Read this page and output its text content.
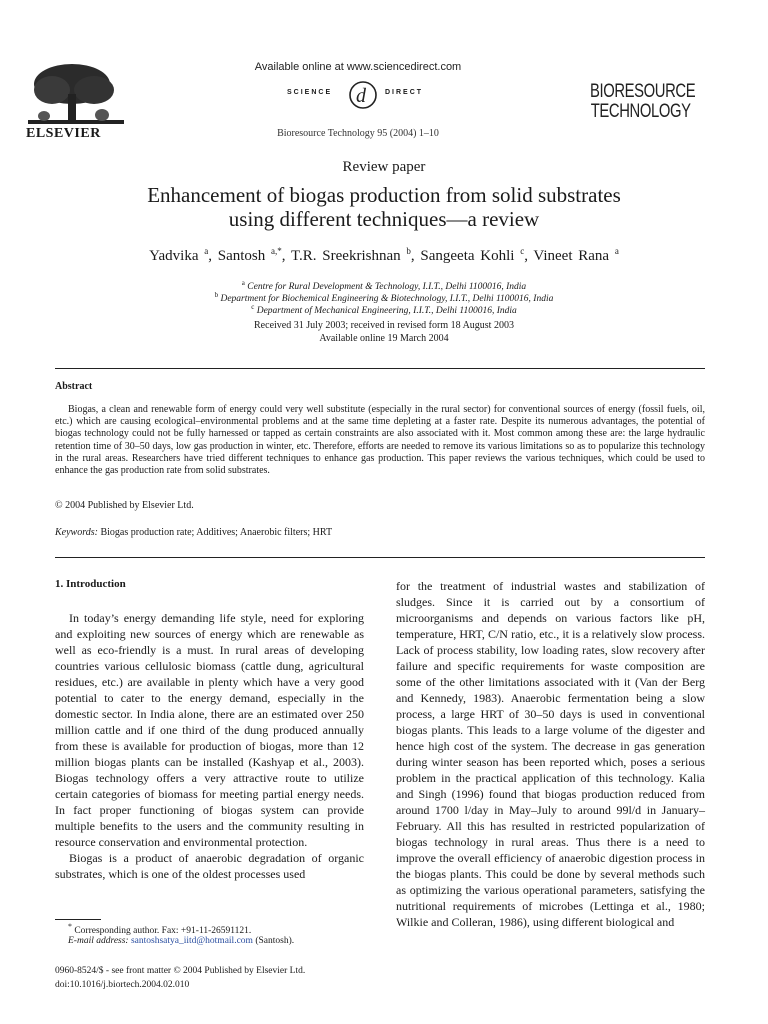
ELSEVIER
Available online at www.sciencedirect.com
SCIENCE d	DIRECT
Bioresource Technology 95 (2004) 1–10
BIORESOURCE
TECHNOLOGY
Review paper
Enhancement of biogas production from solid substrates
using different techniques—a review
Yadvika $^a$, Santosh $^{a,*}$, T.R. Sreekrishnan $^b$, Sangeeta Kohli $^c$, Vineet Rana $^a$
$^a$ Centre for Rural Development & Technology, I.I.T., Delhi 1100016, India
$^b$ Department for Biochemical Engineering & Biotechnology, I.I.T., Delhi 1100016, India
$^c$ Department of Mechanical Engineering, I.I.T., Delhi 1100016, India
Received 31 July 2003; received in revised form 18 August 2003
Available online 19 March 2004
Abstract
Biogas, a clean and renewable form of energy could very well substitute (especially in the rural sector) for conventional sources of energy (fossil fuels, oil, etc.) which are causing ecological–environmental problems and at the same time depleting at a faster rate. Despite its numerous advantages, the potential of biogas technology could not be fully harnessed or tapped as certain constraints are also associated with it. Most common among these are: the large hydraulic retention time of 30–50 days, low gas production in winter, etc. Therefore, efforts are needed to remove its various limitations so as to popularize this technology in the rural areas. Researchers have tried different techniques to enhance gas production. This paper reviews the various techniques, which could be used to enhance the gas production rate from solid substrates.
© 2004 Published by Elsevier Ltd.
Keywords: Biogas production rate; Additives; Anaerobic filters; HRT
1. Introduction

In today’s energy demanding life style, need for exploring and exploiting new sources of energy which are renewable as well as eco-friendly is a must. In rural areas of developing countries various cellulosic biomass (cattle dung, agricultural residues, etc.) are available in plenty which have a very good potential to cater to the energy demand, especially in the domestic sector. In India alone, there are an estimated over 250 million cattle and if one third of the dung produced annually from these is available for production of biogas, more than 12 million biogas plants can be installed (Kashyap et al., 2003). Biogas technology offers a very attractive route to utilize certain categories of biomass for meeting partial energy needs. In fact proper functioning of biogas system can provide multiple benefits to the users and the community resulting in resource conservation and environmental protection.

Biogas is a product of anaerobic degradation of organic substrates, which is one of the oldest processes used

for the treatment of industrial wastes and stabilization of sludges. Since it is carried out by a consortium of microorganisms and depends on various factors like pH, temperature, HRT, C/N ratio, etc., it is a relatively slow process. Lack of process stability, low loading rates, slow recovery after failure and specific requirements for waste composition are some of the other limitations associated with it (Van der Berg and Kennedy, 1983). Anaerobic fermentation being a slow process, a large HRT of 30–50 days is used in conventional biogas plants. This leads to a large volume of the digester and hence high cost of the system. The decrease in gas generation during winter season has been reported which, poses a serious problem in the practical application of this technology. Kalia and Singh (1996) found that biogas production reduced from around 1700 l/day in May–July to around 99l/d in January–February. All this has resulted in restricted popularization of biogas technology in rural areas. Thus there is a need to improve the overall efficiency of anaerobic digestion process in the biogas plants. This could be done by several methods such as optimizing the various operational parameters, satisfying the nutritional requirements of microbes (Lettinga et al., 1980; Wilkie and Colleran, 1986), using different biological and

* Corresponding author. Fax: +91-11-26591121.
E-mail address: santoshsatya_iitd@hotmail.com (Santosh).
0960-8524/$ - see front matter © 2004 Published by Elsevier Ltd.
doi:10.1016/j.biortech.2004.02.010
